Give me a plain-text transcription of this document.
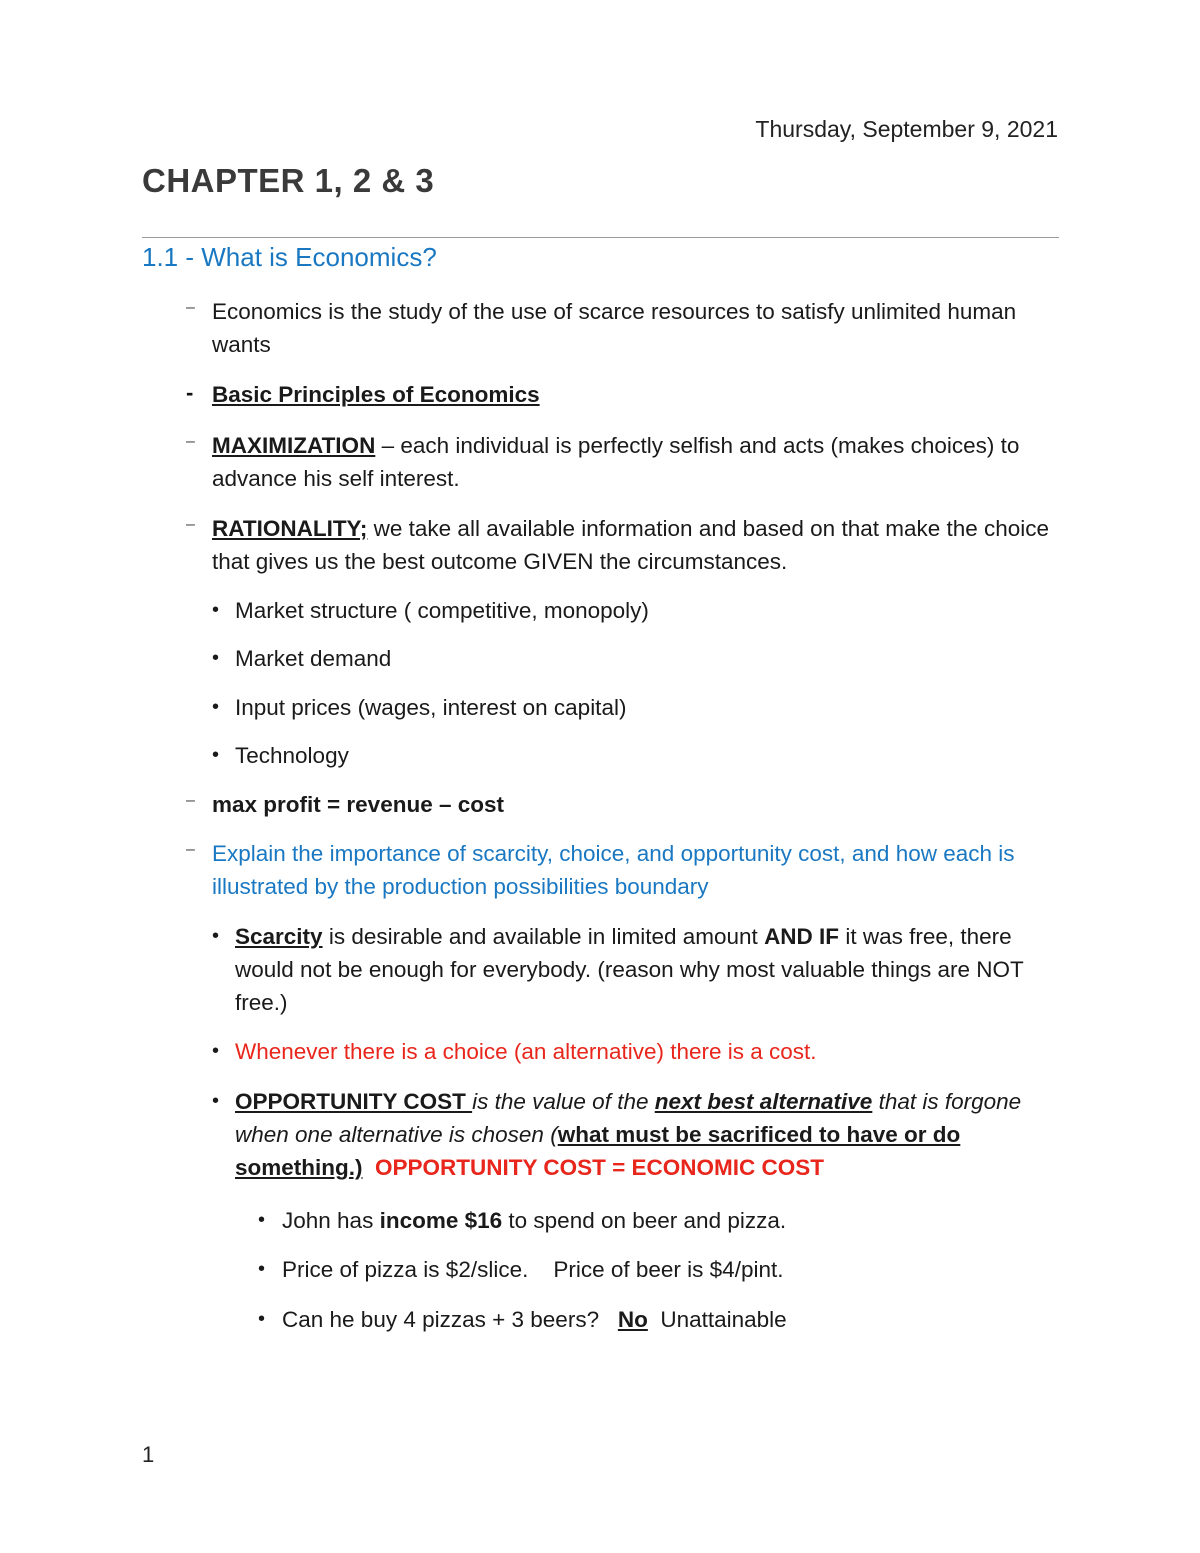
Thursday, September 9, 2021
CHAPTER 1, 2 & 3
1.1 - What is Economics?
– Economics is the study of the use of scarce resources to satisfy unlimited human wants
- Basic Principles of Economics
– MAXIMIZATION – each individual is perfectly selfish and acts (makes choices) to advance his self interest.
– RATIONALITY; we take all available information and based on that make the choice that gives us the best outcome GIVEN the circumstances.
• Market structure ( competitive, monopoly)
• Market demand
• Input prices (wages, interest on capital)
• Technology
– max profit = revenue – cost
– Explain the importance of scarcity, choice, and opportunity cost, and how each is illustrated by the production possibilities boundary
• Scarcity is desirable and available in limited amount AND IF it was free, there would not be enough for everybody. (reason why most valuable things are NOT free.)
• Whenever there is a choice (an alternative) there is a cost.
• OPPORTUNITY COST is the value of the next best alternative that is forgone when one alternative is chosen (what must be sacrificed to have or do something.) OPPORTUNITY COST = ECONOMIC COST
• John has income $16 to spend on beer and pizza.
• Price of pizza is $2/slice.    Price of beer is $4/pint.
• Can he buy 4 pizzas + 3 beers?   No  Unattainable
1
